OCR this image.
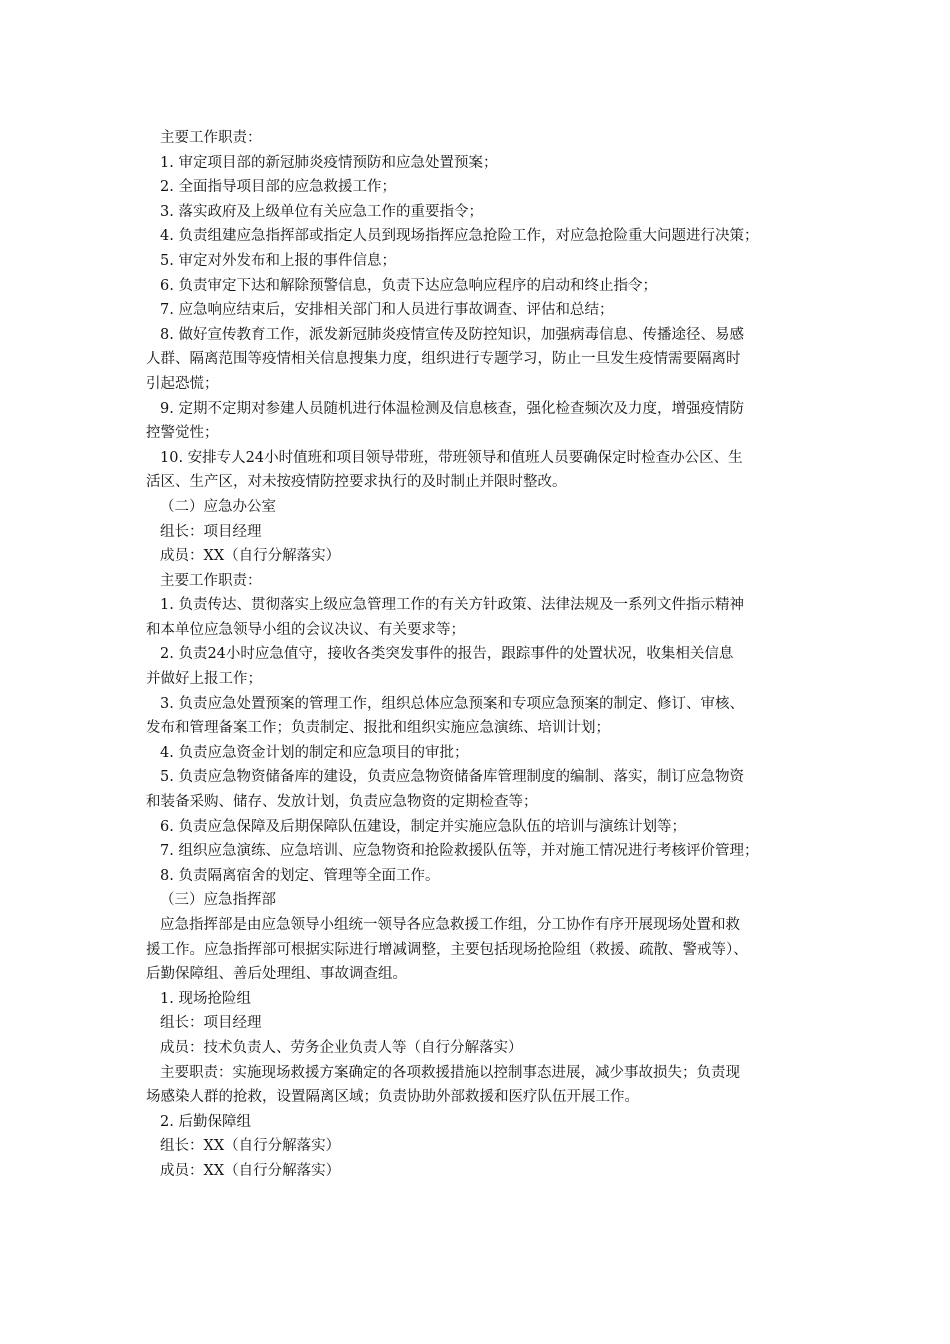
主要工作职责：

1. 审定项目部的新冠肺炎疫情预防和应急处置预案；

2. 全面指导项目部的应急救援工作；

3. 落实政府及上级单位有关应急工作的重要指令；

4. 负责组建应急指挥部或指定人员到现场指挥应急抢险工作，对应急抢险重大问题进行决策；

5. 审定对外发布和上报的事件信息；

6. 负责审定下达和解除预警信息，负责下达应急响应程序的启动和终止指令；

7. 应急响应结束后，安排相关部门和人员进行事故调查、评估和总结；

8. 做好宣传教育工作，派发新冠肺炎疫情宣传及防控知识，加强病毒信息、传播途径、易感

人群、隔离范围等疫情相关信息搜集力度，组织进行专题学习，防止一旦发生疫情需要隔离时

引起恐慌；

9. 定期不定期对参建人员随机进行体温检测及信息核查，强化检查频次及力度，增强疫情防

控警觉性；

10. 安排专人24小时值班和项目领导带班，带班领导和值班人员要确保定时检查办公区、生

活区、生产区，对未按疫情防控要求执行的及时制止并限时整改。

（二）应急办公室

组长：项目经理

成员：XX（自行分解落实）

主要工作职责：

1. 负责传达、贯彻落实上级应急管理工作的有关方针政策、法律法规及一系列文件指示精神

和本单位应急领导小组的会议决议、有关要求等；

2. 负责24小时应急值守，接收各类突发事件的报告，跟踪事件的处置状况，收集相关信息

并做好上报工作；

3. 负责应急处置预案的管理工作，组织总体应急预案和专项应急预案的制定、修订、审核、

发布和管理备案工作；负责制定、报批和组织实施应急演练、培训计划；

4. 负责应急资金计划的制定和应急项目的审批；

5. 负责应急物资储备库的建设，负责应急物资储备库管理制度的编制、落实，制订应急物资

和装备采购、储存、发放计划，负责应急物资的定期检查等；

6. 负责应急保障及后期保障队伍建设，制定并实施应急队伍的培训与演练计划等；

7. 组织应急演练、应急培训、应急物资和抢险救援队伍等，并对施工情况进行考核评价管理；

8. 负责隔离宿舍的划定、管理等全面工作。

（三）应急指挥部

应急指挥部是由应急领导小组统一领导各应急救援工作组，分工协作有序开展现场处置和救

援工作。应急指挥部可根据实际进行增减调整，主要包括现场抢险组（救援、疏散、警戒等）、

后勤保障组、善后处理组、事故调查组。

1. 现场抢险组

组长：项目经理

成员：技术负责人、劳务企业负责人等（自行分解落实）

主要职责：实施现场救援方案确定的各项救援措施以控制事态进展，减少事故损失；负责现

场感染人群的抢救，设置隔离区域；负责协助外部救援和医疗队伍开展工作。

2. 后勤保障组

组长：XX（自行分解落实）

成员：XX（自行分解落实）
